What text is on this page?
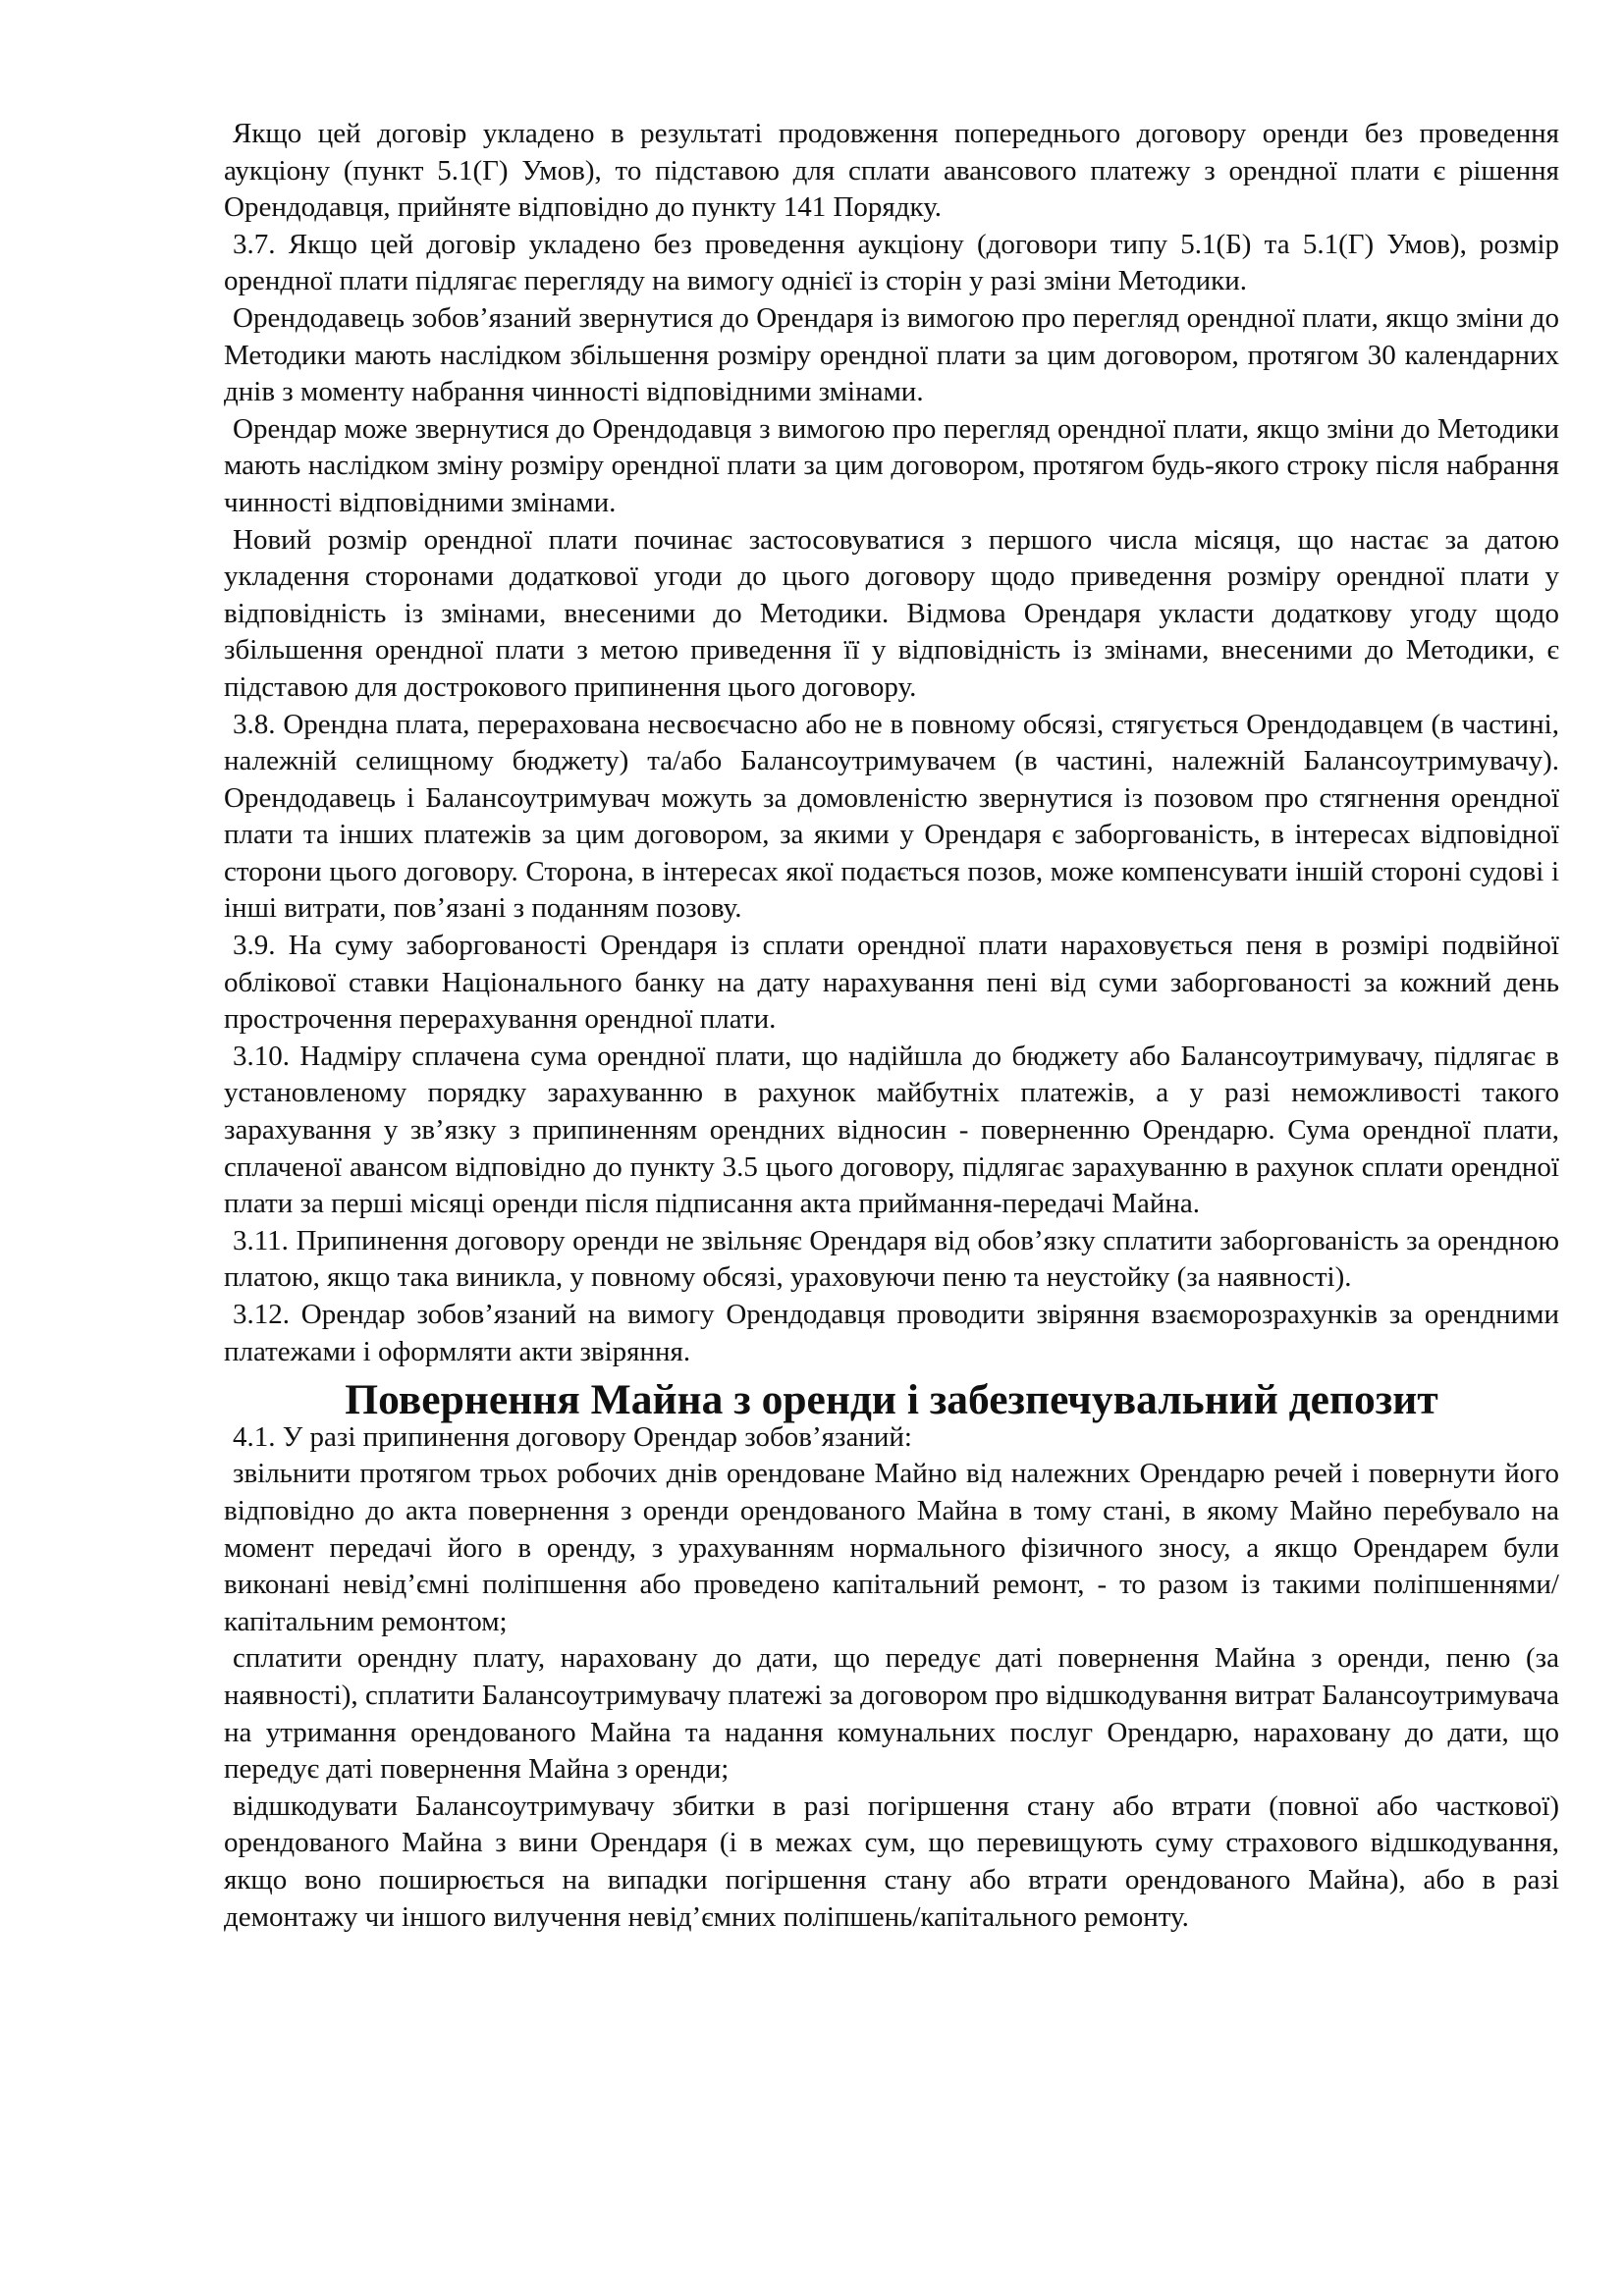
Якщо цей договір укладено в результаті продовження попереднього договору оренди без проведення аукціону (пункт 5.1(Г) Умов), то підставою для сплати авансового платежу з орендної плати є рішення Орендодавця, прийняте відповідно до пункту 141 Порядку.

3.7. Якщо цей договір укладено без проведення аукціону (договори типу 5.1(Б) та 5.1(Г) Умов), розмір орендної плати підлягає перегляду на вимогу однієї із сторін у разі зміни Методики.

Орендодавець зобов’язаний звернутися до Орендаря із вимогою про перегляд орендної плати, якщо зміни до Методики мають наслідком збільшення розміру орендної плати за цим договором, протягом 30 календарних днів з моменту набрання чинності відповідними змінами.

Орендар може звернутися до Орендодавця з вимогою про перегляд орендної плати, якщо зміни до Методики мають наслідком зміну розміру орендної плати за цим договором, протягом будь-якого строку після набрання чинності відповідними змінами.

Новий розмір орендної плати починає застосовуватися з першого числа місяця, що настає за датою укладення сторонами додаткової угоди до цього договору щодо приведення розміру орендної плати у відповідність із змінами, внесеними до Методики. Відмова Орендаря укласти додаткову угоду щодо збільшення орендної плати з метою приведення її у відповідність із змінами, внесеними до Методики, є підставою для дострокового припинення цього договору.

3.8. Орендна плата, перерахована несвоєчасно або не в повному обсязі, стягується Орендодавцем (в частині, належній селищному бюджету) та/або Балансоутримувачем (в частині, належній Балансоутримувачу). Орендодавець і Балансоутримувач можуть за домовленістю звернутися із позовом про стягнення орендної плати та інших платежів за цим договором, за якими у Орендаря є заборгованість, в інтересах відповідної сторони цього договору. Сторона, в інтересах якої подається позов, може компенсувати іншій стороні судові і інші витрати, пов’язані з поданням позову.

3.9. На суму заборгованості Орендаря із сплати орендної плати нараховується пеня в розмірі подвійної облікової ставки Національного банку на дату нарахування пені від суми заборгованості за кожний день прострочення перерахування орендної плати.

3.10. Надміру сплачена сума орендної плати, що надійшла до бюджету або Балансоутримувачу, підлягає в установленому порядку зарахуванню в рахунок майбутніх платежів, а у разі неможливості такого зарахування у зв’язку з припиненням орендних відносин - поверненню Орендарю. Сума орендної плати, сплаченої авансом відповідно до пункту 3.5 цього договору, підлягає зарахуванню в рахунок сплати орендної плати за перші місяці оренди після підписання акта приймання-передачі Майна.

3.11. Припинення договору оренди не звільняє Орендаря від обов’язку сплатити заборгованість за орендною платою, якщо така виникла, у повному обсязі, ураховуючи пеню та неустойку (за наявності).

3.12. Орендар зобов’язаний на вимогу Орендодавця проводити звіряння взаєморозрахунків за орендними платежами і оформляти акти звіряння.

Повернення Майна з оренди і забезпечувальний депозит

4.1. У разі припинення договору Орендар зобов’язаний:

звільнити протягом трьох робочих днів орендоване Майно від належних Орендарю речей і повернути його відповідно до акта повернення з оренди орендованого Майна в тому стані, в якому Майно перебувало на момент передачі його в оренду, з урахуванням нормального фізичного зносу, а якщо Орендарем були виконані невід’ємні поліпшення або проведено капітальний ремонт, - то разом із такими поліпшеннями/капітальним ремонтом;

сплатити орендну плату, нараховану до дати, що передує даті повернення Майна з оренди, пеню (за наявності), сплатити Балансоутримувачу платежі за договором про відшкодування витрат Балансоутримувача на утримання орендованого Майна та надання комунальних послуг Орендарю, нараховану до дати, що передує даті повернення Майна з оренди;

відшкодувати Балансоутримувачу збитки в разі погіршення стану або втрати (повної або часткової) орендованого Майна з вини Орендаря (і в межах сум, що перевищують суму страхового відшкодування, якщо воно поширюється на випадки погіршення стану або втрати орендованого Майна), або в разі демонтажу чи іншого вилучення невід’ємних поліпшень/капітального ремонту.
